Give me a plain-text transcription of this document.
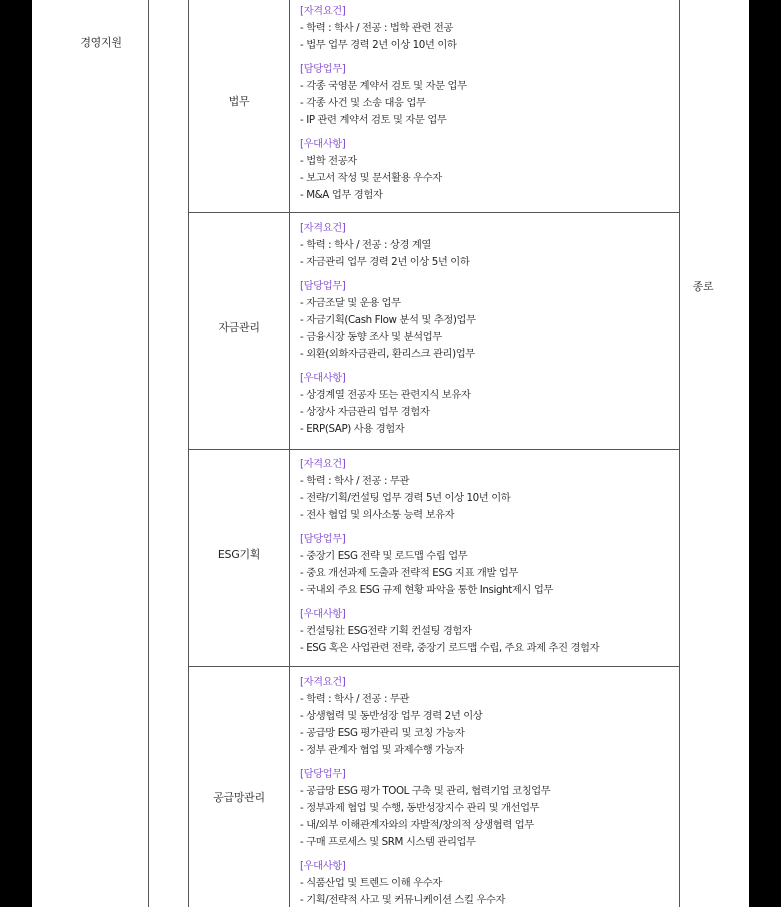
경영지원
종로
법무
자금관리
ESG기획
공급망관리
[자격요건]
- 학력 : 학사 / 전공 : 법학 관련 전공
- 법무 업무 경력 2년 이상 10년 이하
[담당업무]
- 각종 국영문 계약서 검토 및 자문 업무
- 각종 사건 및 소송 대응 업무
- IP 관련 계약서 검토 및 자문 업무
[우대사항]
- 법학 전공자
- 보고서 작성 및 문서활용 우수자
- M&A 업무 경험자
[자격요건]
- 학력 : 학사 / 전공 : 상경 계열
- 자금관리 업무 경력 2년 이상 5년 이하
[담당업무]
- 자금조달 및 운용 업무
- 자금기획(Cash Flow 분석 및 추정)업무
- 금융시장 동향 조사 및 분석업무
- 외환(외화자금관리, 환리스크 관리)업무
[우대사항]
- 상경계열 전공자 또는 관련지식 보유자
- 상장사 자금관리 업무 경험자
- ERP(SAP) 사용 경험자
[자격요건]
- 학력 : 학사 / 전공 : 무관
- 전략/기획/컨설팅 업무 경력 5년 이상 10년 이하
- 전사 협업 및 의사소통 능력 보유자
[담당업무]
- 중장기 ESG 전략 및 로드맵 수립 업무
- 중요 개선과제 도출과 전략적 ESG 지표 개발 업무
- 국내외 주요 ESG 규제 현황 파악을 통한 Insight제시 업무
[우대사항]
- 컨설팅社 ESG전략 기획 컨설팅 경험자
- ESG 혹은 사업관련 전략, 중장기 로드맵 수립, 주요 과제 추진 경험자
[자격요건]
- 학력 : 학사 / 전공 : 무관
- 상생협력 및 동반성장 업무 경력 2년 이상
- 공급망 ESG 평가관리 및 코칭 가능자
- 정부 관계자 협업 및 과제수행 가능자
[담당업무]
- 공급망 ESG 평가 TOOL 구축 및 관리, 협력기업 코칭업무
- 정부과제 협업 및 수행, 동반성장지수 관리 및 개선업무
- 내/외부 이해관계자와의 자발적/창의적 상생협력 업무
- 구매 프로세스 및 SRM 시스템 관리업무
[우대사항]
- 식품산업 및 트렌드 이해 우수자
- 기획/전략적 사고 및 커뮤니케이션 스킬 우수자
